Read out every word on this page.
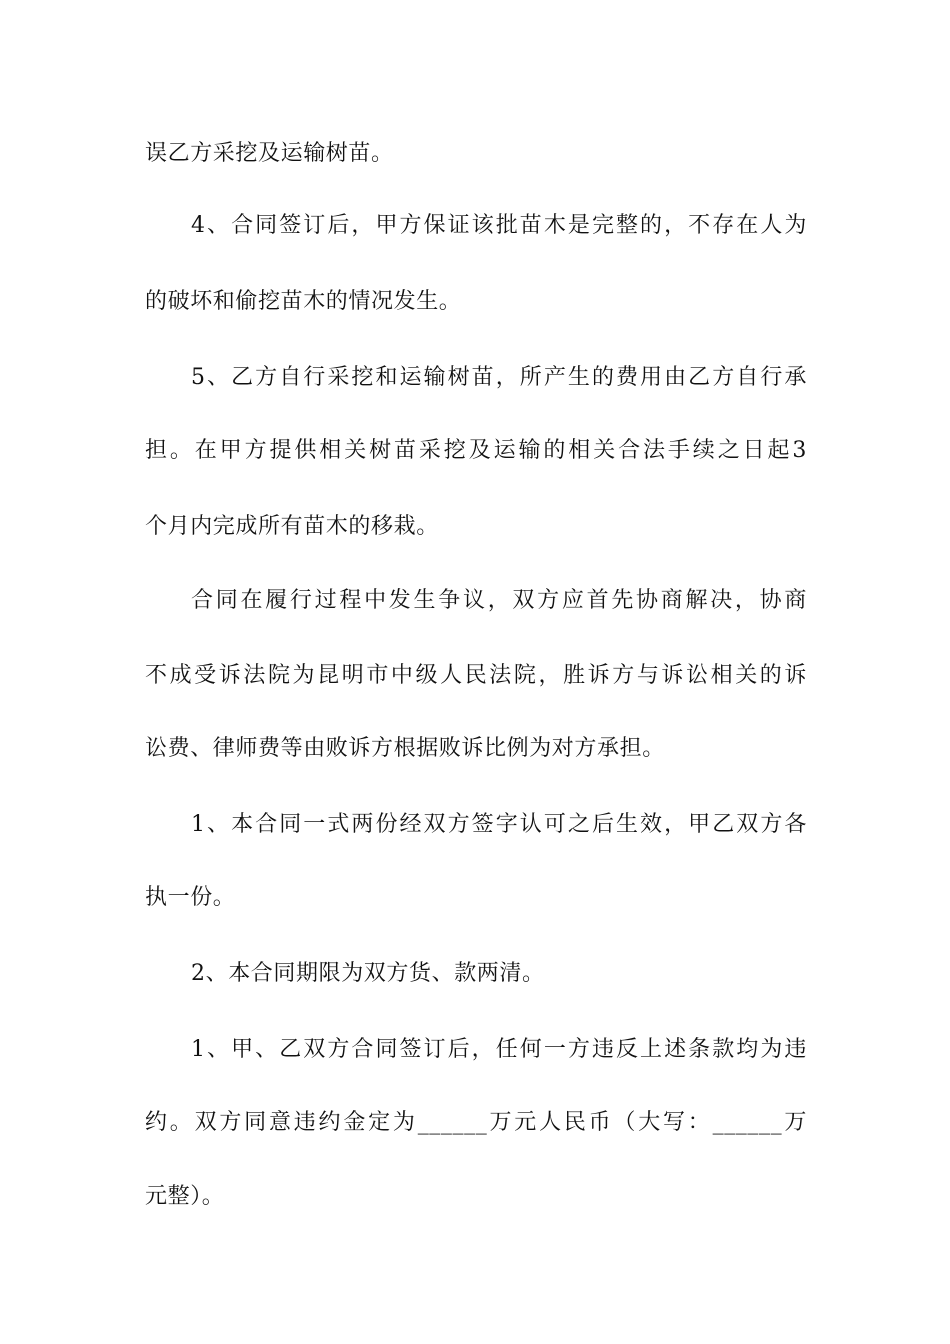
误乙方采挖及运输树苗。
4、合同签订后，甲方保证该批苗木是完整的，不存在人为
的破坏和偷挖苗木的情况发生。
5、乙方自行采挖和运输树苗，所产生的费用由乙方自行承
担。在甲方提供相关树苗采挖及运输的相关合法手续之日起3
个月内完成所有苗木的移栽。
合同在履行过程中发生争议，双方应首先协商解决，协商
不成受诉法院为昆明市中级人民法院，胜诉方与诉讼相关的诉
讼费、律师费等由败诉方根据败诉比例为对方承担。
1、本合同一式两份经双方签字认可之后生效，甲乙双方各
执一份。
2、本合同期限为双方货、款两清。
1、甲、乙双方合同签订后，任何一方违反上述条款均为违
约。双方同意违约金定为______万元人民币（大写：______万
元整）。
